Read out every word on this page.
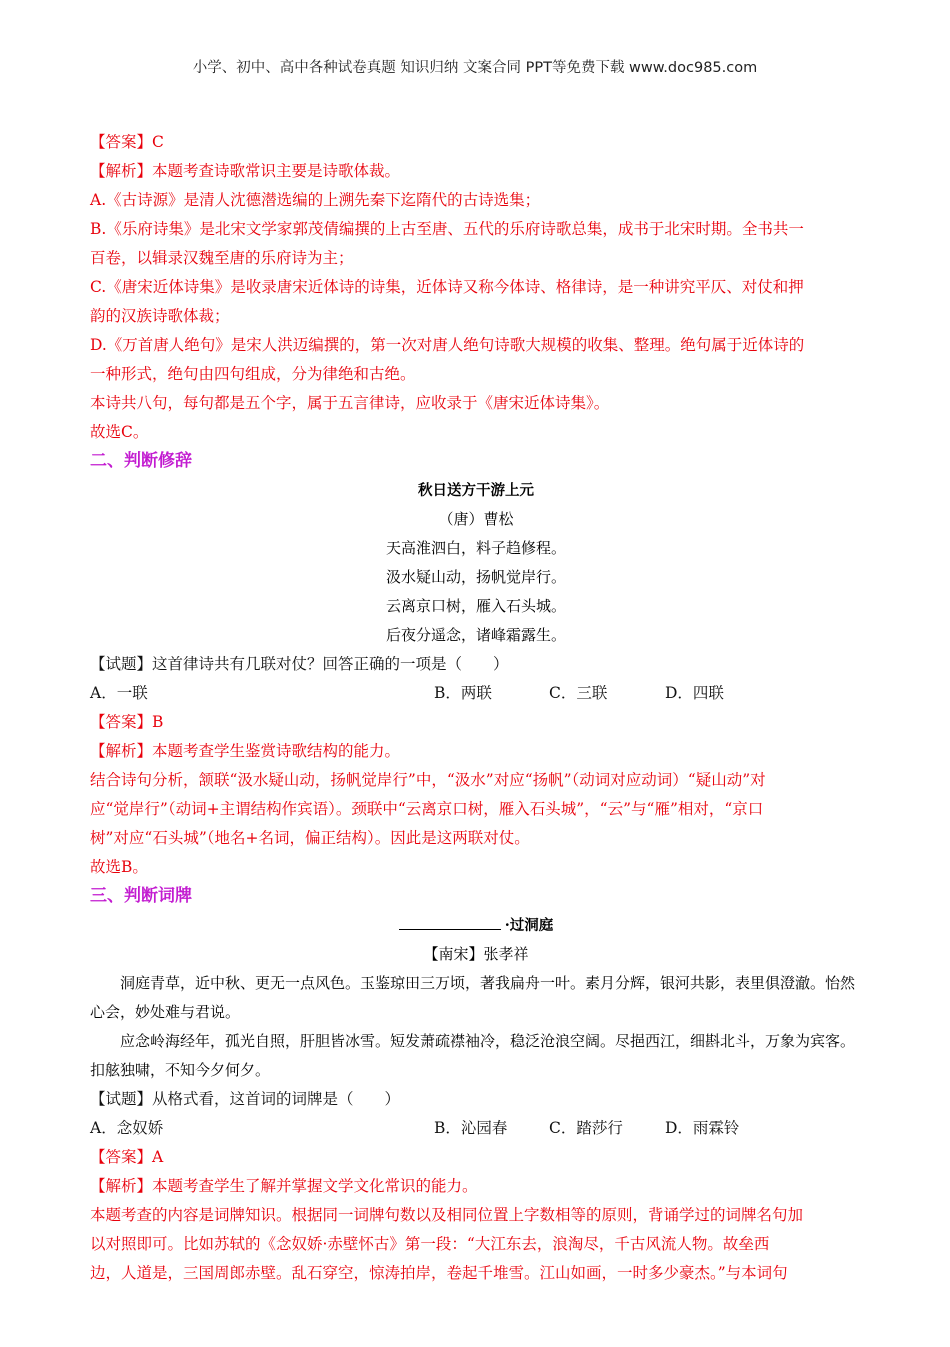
小学、初中、高中各种试卷真题 知识归纳 文案合同 PPT等免费下载 www.doc985.com
【答案】C
【解析】本题考查诗歌常识主要是诗歌体裁。
A.《古诗源》是清人沈德潜选编的上溯先秦下迄隋代的古诗选集；
B.《乐府诗集》是北宋文学家郭茂倩编撰的上古至唐、五代的乐府诗歌总集，成书于北宋时期。全书共一
百卷，以辑录汉魏至唐的乐府诗为主；
C.《唐宋近体诗集》是收录唐宋近体诗的诗集，近体诗又称今体诗、格律诗，是一种讲究平仄、对仗和押
韵的汉族诗歌体裁；
D.《万首唐人绝句》是宋人洪迈编撰的，第一次对唐人绝句诗歌大规模的收集、整理。绝句属于近体诗的
一种形式，绝句由四句组成，分为律绝和古绝。
本诗共八句，每句都是五个字，属于五言律诗，应收录于《唐宋近体诗集》。
故选C。
二、判断修辞
秋日送方干游上元
（唐）曹松
天高淮泗白，料子趋修程。
汲水疑山动，扬帆觉岸行。
云离京口树，雁入石头城。
后夜分遥念，诸峰霜露生。
【试题】这首律诗共有几联对仗？回答正确的一项是（　　）
A．一联	B．两联	C．三联	D．四联
【答案】B
【解析】本题考查学生鉴赏诗歌结构的能力。
结合诗句分析，颔联“汲水疑山动，扬帆觉岸行”中，“汲水”对应“扬帆”（动词对应动词）“疑山动”对
应“觉岸行”（动词+主谓结构作宾语）。颈联中“云离京口树，雁入石头城”，“云”与“雁”相对，“京口
树”对应“石头城”（地名+名词，偏正结构）。因此是这两联对仗。
故选B。
三、判断词牌
·过洞庭
【南宋】张孝祥
洞庭青草，近中秋、更无一点风色。玉鉴琼田三万顷，著我扁舟一叶。素月分辉，银河共影，表里俱澄澈。怡然心会，妙处难与君说。
应念岭海经年，孤光自照，肝胆皆冰雪。短发萧疏襟袖冷，稳泛沧浪空阔。尽挹西江，细斟北斗，万象为宾客。扣舷独啸，不知今夕何夕。
【试题】从格式看，这首词的词牌是（　　）
A．念奴娇	B．沁园春	C．踏莎行	D．雨霖铃
【答案】A
【解析】本题考查学生了解并掌握文学文化常识的能力。
本题考查的内容是词牌知识。根据同一词牌句数以及相同位置上字数相等的原则，背诵学过的词牌名句加
以对照即可。比如苏轼的《念奴娇·赤壁怀古》第一段：“大江东去，浪淘尽，千古风流人物。故垒西
边，人道是，三国周郎赤壁。乱石穿空，惊涛拍岸，卷起千堆雪。江山如画，一时多少豪杰。”与本词句
